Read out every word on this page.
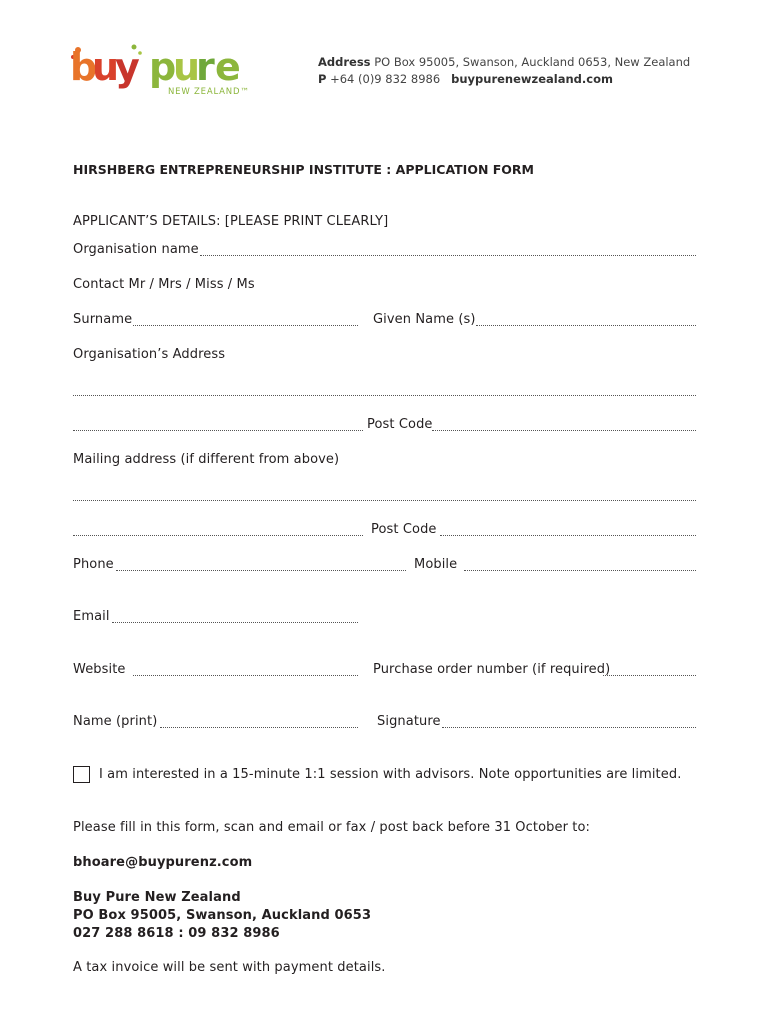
b
u
y p
u
r e
NEW ZEALAND™
Address PO Box 95005, Swanson, Auckland 0653, New Zealand
P +64 (0)9 832 8986 buypurenewzealand.com
HIRSHBERG ENTREPRENEURSHIP INSTITUTE : APPLICATION FORM
APPLICANT’S DETAILS: [PLEASE PRINT CLEARLY]
Organisation name
Contact Mr / Mrs / Miss / Ms
Surname	Given Name (s)
Organisation’s Address
Post Code
Mailing address (if different from above)
Post Code
Phone	Mobile
Email
Website	Purchase order number (if required)
Name (print)	Signature
I am interested in a 15-minute 1:1 session with advisors. Note opportunities are limited.
Please fill in this form, scan and email or fax / post back before 31 October to:
bhoare@buypurenz.com
Buy Pure New Zealand
PO Box 95005, Swanson, Auckland 0653
027 288 8618 : 09 832 8986
A tax invoice will be sent with payment details.
